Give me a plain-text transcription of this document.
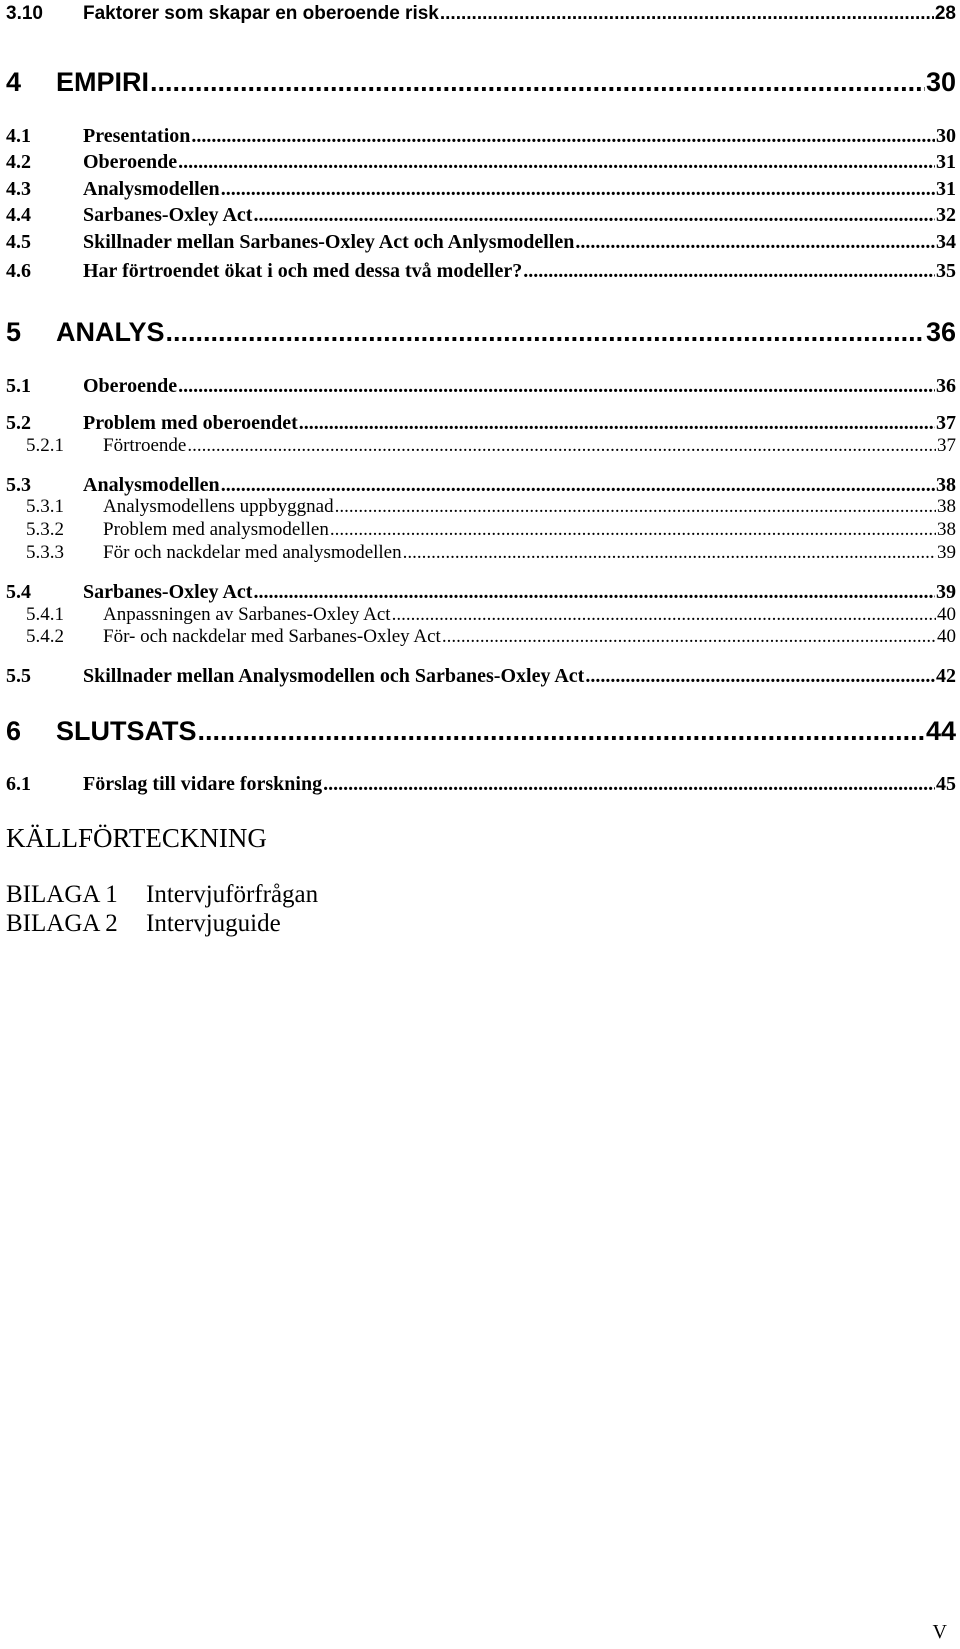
3.10	Faktorer som skapar en oberoende risk .....	28
4	EMPIRI .....	30
4.1	Presentation .....	30
4.2	Oberoende .....	31
4.3	Analysmodellen .....	31
4.4	Sarbanes-Oxley Act .....	32
4.5	Skillnader mellan Sarbanes-Oxley Act och Anlysmodellen .....	34
4.6	Har förtroendet ökat i och med dessa två modeller? .....	35
5	ANALYS .....	36
5.1	Oberoende .....	36
5.2	Problem med oberoendet .....	37
5.2.1	Förtroende .....	37
5.3	Analysmodellen .....	38
5.3.1	Analysmodellens uppbyggnad .....	38
5.3.2	Problem med analysmodellen .....	38
5.3.3	För och nackdelar med analysmodellen .....	39
5.4	Sarbanes-Oxley Act .....	39
5.4.1	Anpassningen av Sarbanes-Oxley Act .....	40
5.4.2	För- och nackdelar med Sarbanes-Oxley Act .....	40
5.5	Skillnader mellan Analysmodellen och Sarbanes-Oxley Act .....	42
6	SLUTSATS .....	44
6.1	Förslag till vidare forskning .....	45
KÄLLFÖRTECKNING
BILAGA 1 Intervjuförfrågan
BILAGA 2 Intervjuguide
V
